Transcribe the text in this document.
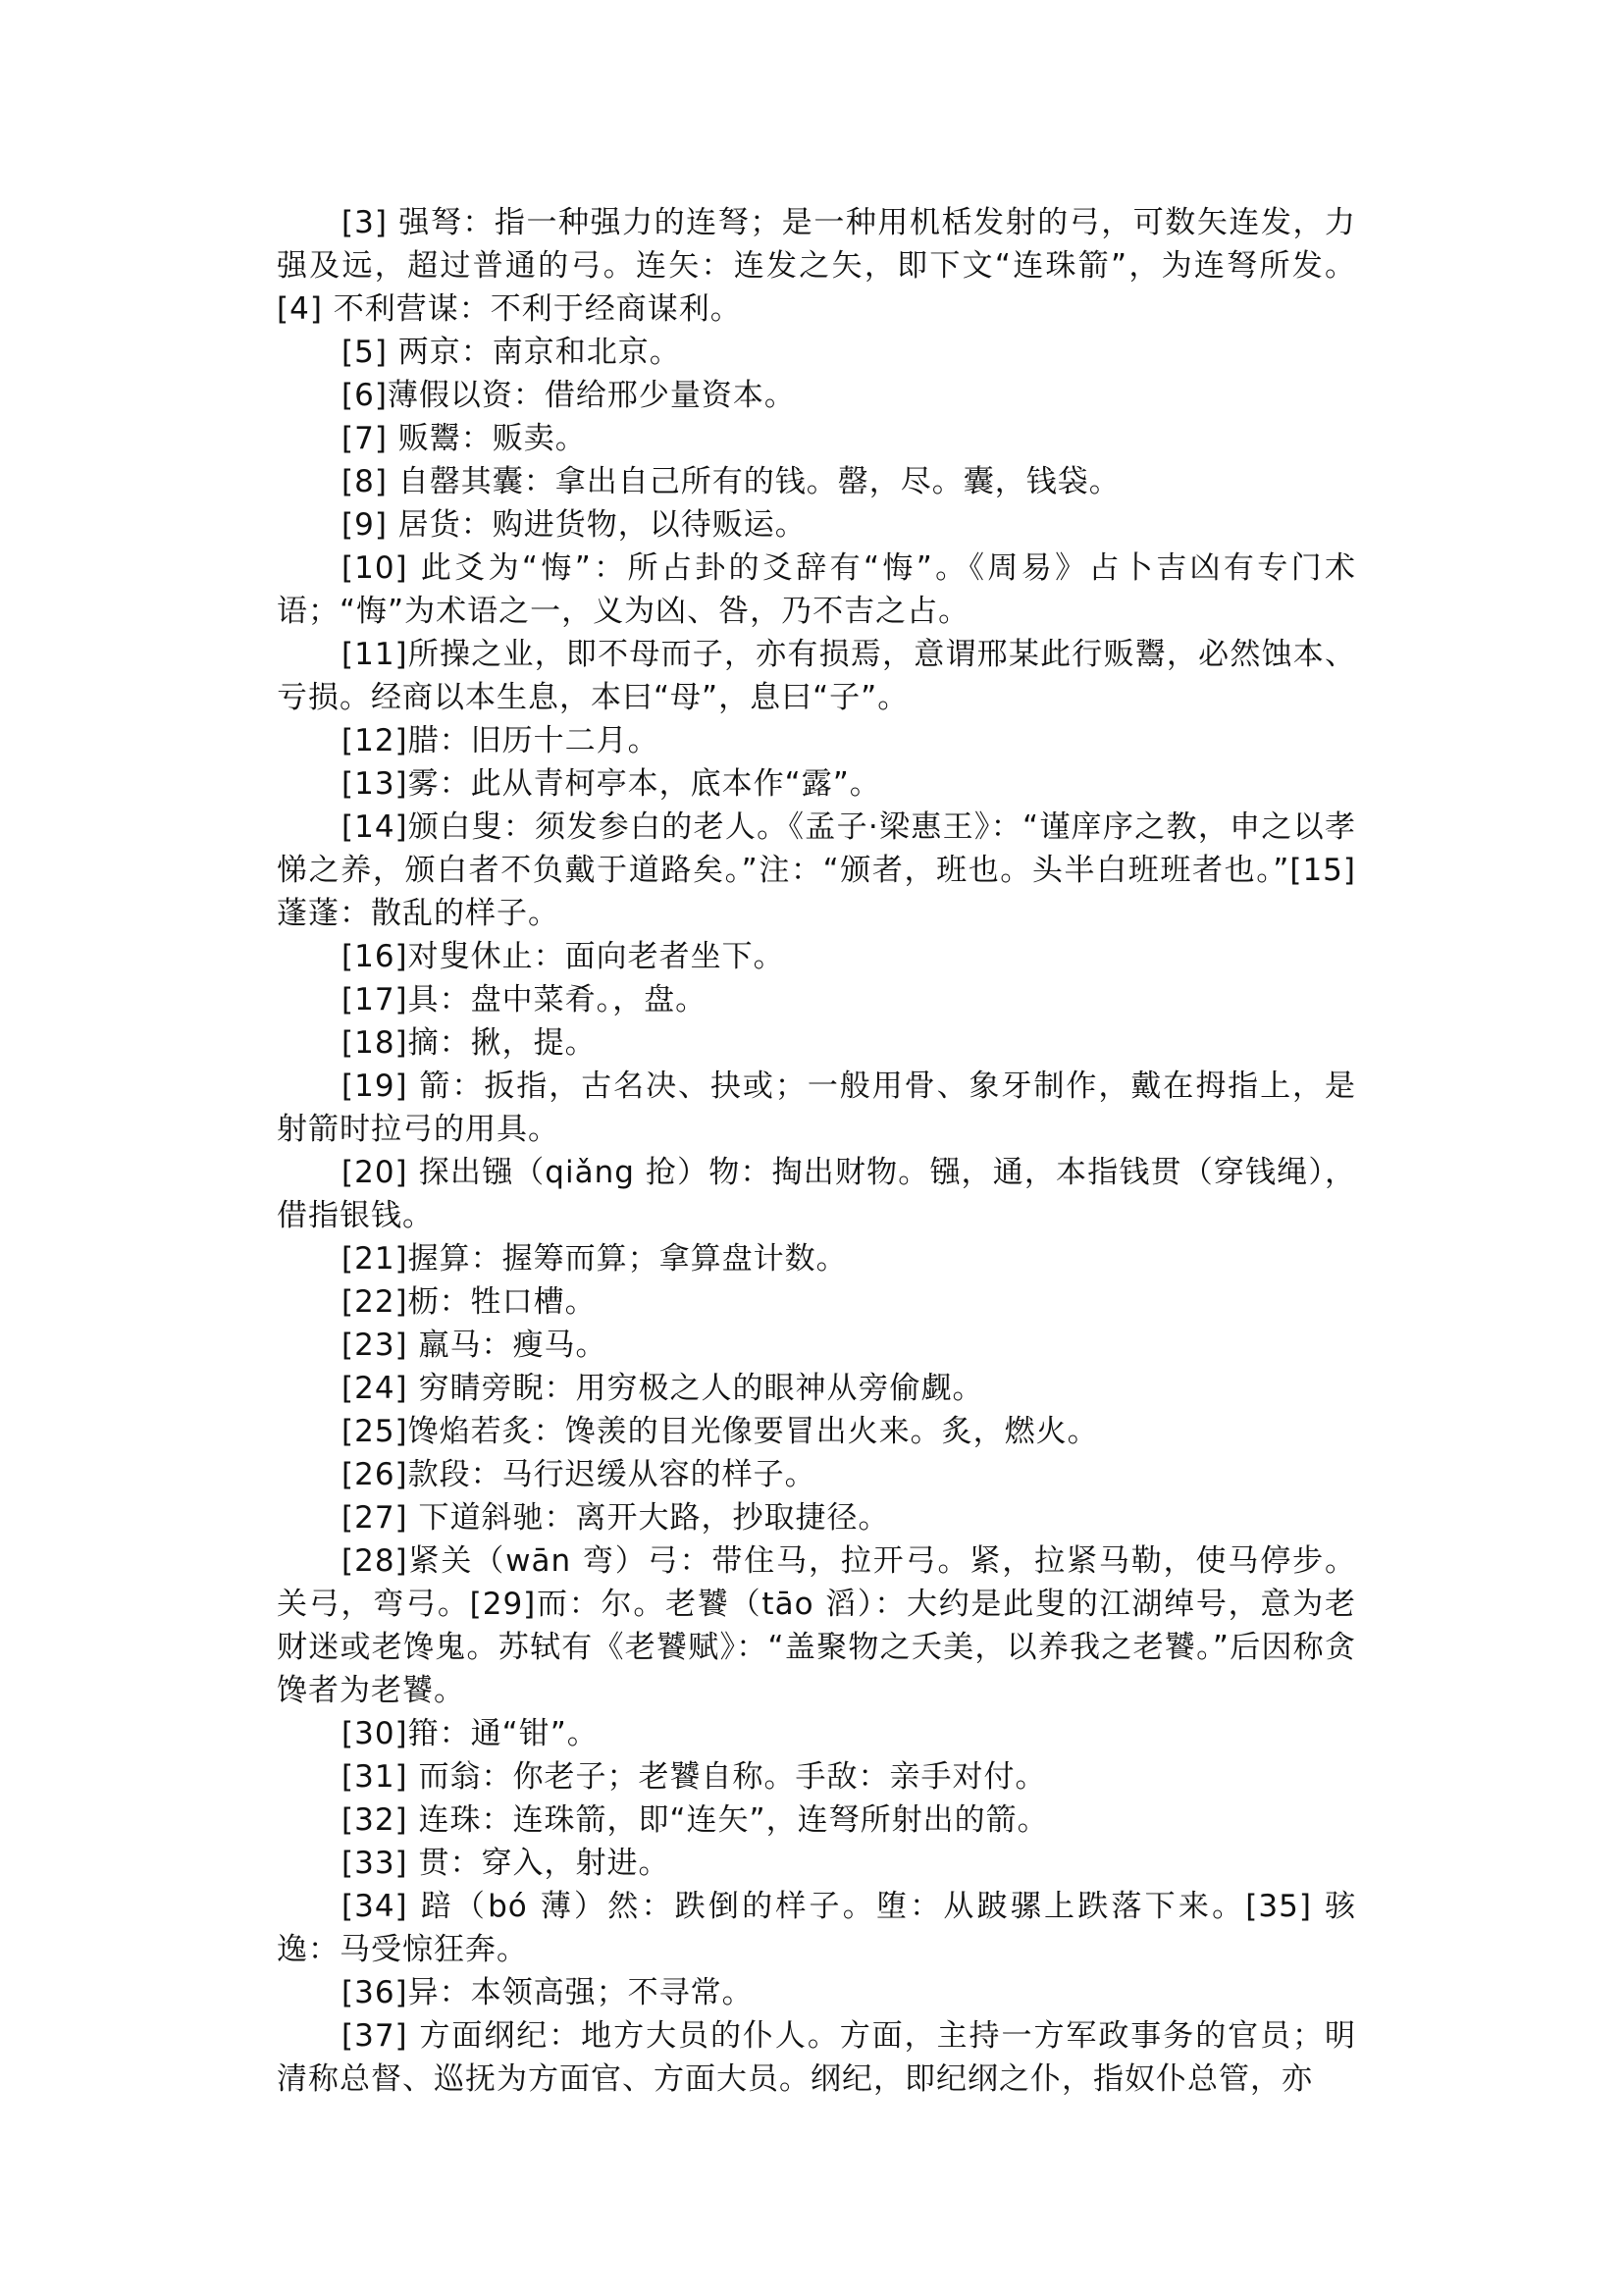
[3] 强弩：指一种强力的连弩；是一种用机栝发射的弓，可数矢连发，力强及远，超过普通的弓。连矢：连发之矢，即下文“连珠箭”，为连弩所发。[4] 不利营谋：不利于经商谋利。

[5] 两京：南京和北京。

[6]薄假以资：借给邢少量资本。

[7] 贩鬻：贩卖。

[8] 自罄其囊：拿出自己所有的钱。罄，尽。囊，钱袋。

[9] 居货：购进货物，以待贩运。

[10] 此爻为“悔”：所占卦的爻辞有“悔”。《周易》占卜吉凶有专门术语；“悔”为术语之一，义为凶、咎，乃不吉之占。

[11]所操之业，即不母而子，亦有损焉，意谓邢某此行贩鬻，必然蚀本、亏损。经商以本生息，本曰“母”，息曰“子”。

[12]腊：旧历十二月。

[13]雾：此从青柯亭本，底本作“露”。

[14]颁白叟：须发参白的老人。《孟子·梁惠王》：“谨庠序之教，申之以孝悌之养，颁白者不负戴于道路矣。”注：“颁者，班也。头半白班班者也。”[15] 蓬蓬：散乱的样子。

[16]对叟休止：面向老者坐下。

[17]具：盘中菜肴。，盘。

[18]摘：揪，提。

[19] 箭：扳指，古名决、抉或；一般用骨、象牙制作，戴在拇指上，是射箭时拉弓的用具。

[20] 探出镪（qiǎng 抢）物：掏出财物。镪，通，本指钱贯（穿钱绳），借指银钱。

[21]握算：握筹而算；拿算盘计数。

[22]枥：牲口槽。

[23] 羸马：瘦马。

[24] 穷睛旁睨：用穷极之人的眼神从旁偷觑。

[25]馋焰若炙：馋羡的目光像要冒出火来。炙，燃火。

[26]款段：马行迟缓从容的样子。

[27] 下道斜驰：离开大路，抄取捷径。

[28]紧关（wān 弯）弓：带住马，拉开弓。紧，拉紧马勒，使马停步。关弓，弯弓。[29]而：尔。老饕（tāo 滔）：大约是此叟的江湖绰号，意为老财迷或老馋鬼。苏轼有《老饕赋》：“盖聚物之夭美，以养我之老饕。”后因称贪馋者为老饕。

[30]箝：通“钳”。

[31] 而翁：你老子；老饕自称。手敌：亲手对付。

[32] 连珠：连珠箭，即“连矢”，连弩所射出的箭。

[33] 贯：穿入，射进。

[34] 踣（bó 薄）然：跌倒的样子。堕：从跛骡上跌落下来。[35] 骇逸：马受惊狂奔。

[36]异：本领高强；不寻常。

[37] 方面纲纪：地方大员的仆人。方面，主持一方军政事务的官员；明清称总督、巡抚为方面官、方面大员。纲纪，即纪纲之仆，指奴仆总管，亦
